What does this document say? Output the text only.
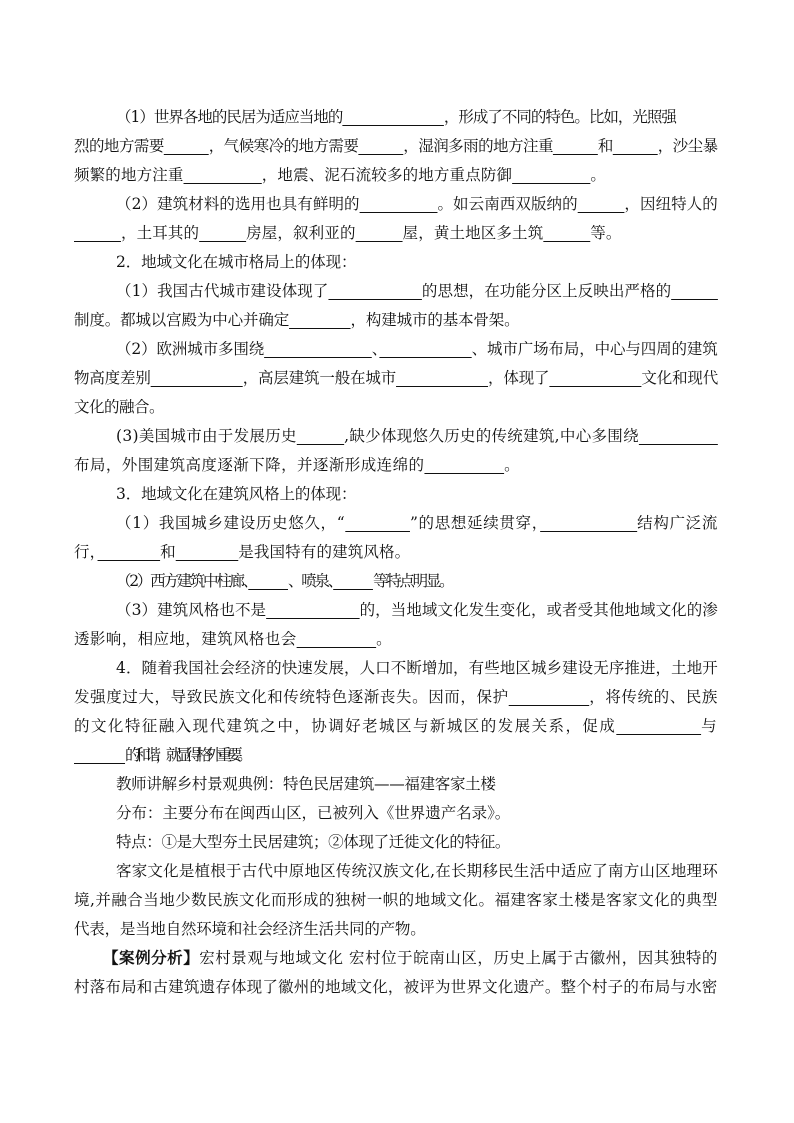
（1）世界各地的民居为适应当地的　　　　　　　	，形成了不同的特色。比如，光照强
烈的地方需要　　　	，气候寒冷的地方需要　　　	，湿润多雨的地方注重　　　	和　　　	，沙尘暴
频繁的地方注重　　　　　	，地震、泥石流较多的地方重点防御　　　　　	。
（2）建筑材料的选用也具有鲜明的　　　　　	。如云南西双版纳的　　　	，因纽特人的
　　　，土耳其的　　　	房屋，叙利亚的　　　	屋，黄土地区多土筑　　　	等。
2．地域文化在城市格局上的体现：
（1）我国古代城市建设体现了　　　　　　	的思想，在功能分区上反映出严格的　　　
制度。都城以宫殿为中心并确定　　　　	，构建城市的基本骨架。
（2）欧洲城市多围绕　　　　　　　	、　　　　　　	、城市广场布局，中心与四周的建筑
物高度差别　　　　　　	，高层建筑一般在城市　　　　　　	，体现了　　　　　　	文化和现代
文化的融合。
(3)美国城市由于发展历史　　　	,缺少体现悠久历史的传统建筑,中心多围绕　　　　　
布局，外围建筑高度逐渐下降，并逐渐形成连绵的　　　　　	。
3．地域文化在建筑风格上的体现：
（1）我国城乡建设历史悠久，“　　　　	”的思想延续贯穿，　　　　　　	结构广泛流
行，　　　　	和　　　　	是我国特有的建筑风格。
（2）西方建筑中柱廊、　　　	、喷泉、　　　	等特点明显。
（3）建筑风格也不是　　　　　　	的，当地域文化发生变化，或者受其他地域文化的渗
透影响，相应地，建筑风格也会　　　　　	。
4．随着我国社会经济的快速发展，人口不断增加，有些地区城乡建设无序推进，土地开
发强度过大，导致民族文化和传统特色逐渐丧失。因而，保护　　　　　	，将传统的、民族
的文化特征融入现代建筑之中，协调好老城区与新城区的发展关系，促成　　　　　	与
　　　　　的和谐，就显得格外重要。
教师讲解乡村景观典例：特色民居建筑——福建客家土楼
分布：主要分布在闽西山区，已被列入《世界遗产名录》。
特点：①是大型夯土民居建筑；②体现了迁徙文化的特征。
客家文化是植根于古代中原地区传统汉族文化,在长期移民生活中适应了南方山区地理环
境,并融合当地少数民族文化而形成的独树一帜的地域文化。福建客家土楼是客家文化的典型
代表，是当地自然环境和社会经济生活共同的产物。
【案例分析】宏村景观与地域文化 宏村位于皖南山区，历史上属于古徽州，因其独特的
村落布局和古建筑遗存体现了徽州的地域文化，被评为世界文化遗产。整个村子的布局与水密
